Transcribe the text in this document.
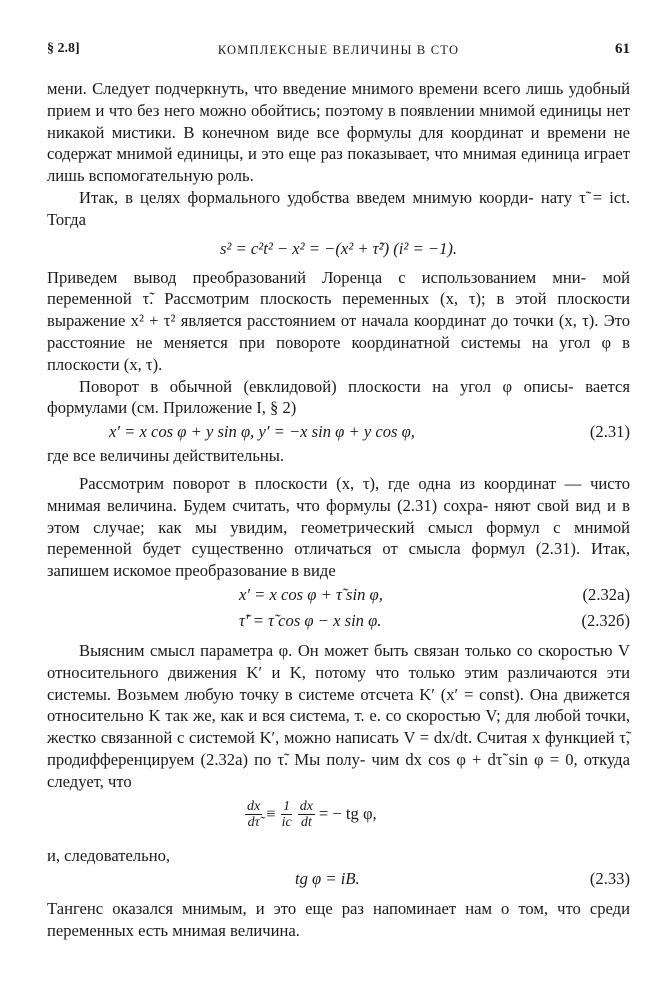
§ 2.8]	КОМПЛЕКСНЫЕ ВЕЛИЧИНЫ В СТО	61

мени. Следует подчеркнуть, что введение мнимого времени всего лишь удобный прием и что без него можно обойтись; поэтому в появлении мнимой единицы нет никакой мистики. В конечном виде все формулы для координат и времени не содержат мнимой единицы, и это еще раз показывает, что мнимая единица играет лишь вспомогательную роль.

Итак, в целях формального удобства введем мнимую коорди- нату τ̃ = ict. Тогда

s² = c²t² − x² = −(x² + τ̃²) (i² = −1).

Приведем вывод преобразований Лоренца с использованием мни- мой переменной τ̃. Рассмотрим плоскость переменных (x, τ); в этой плоскости выражение x² + τ² является расстоянием от начала координат до точки (x, τ). Это расстояние не меняется при повороте координатной системы на угол φ в плоскости (x, τ).

Поворот в обычной (евклидовой) плоскости на угол φ описы- вается формулами (см. Приложение I, § 2)

x′ = x cos φ + y sin φ, y′ = −x sin φ + y cos φ,	(2.31)

где все величины действительны.

Рассмотрим поворот в плоскости (x, τ), где одна из координат — чисто мнимая величина. Будем считать, что формулы (2.31) сохра- няют свой вид и в этом случае; как мы увидим, геометрический смысл формул с мнимой переменной будет существенно отличаться от смысла формул (2.31). Итак, запишем искомое преобразование в виде

x′ = x cos φ + τ̃ sin φ,	(2.32а)
τ̃′ = τ̃ cos φ − x sin φ.	(2.32б)

Выясним смысл параметра φ. Он может быть связан только со скоростью V относительного движения K′ и K, потому что только этим различаются эти системы. Возьмем любую точку в системе отсчета K′ (x′ = const). Она движется относительно K так же, как и вся система, т. е. со скоростью V; для любой точки, жестко связанной с системой K′, можно написать V = dx/dt. Считая x функцией τ̃, продифференцируем (2.32а) по τ̃. Мы полу- чим dx cos φ + dτ̃ sin φ = 0, откуда следует, что

$\frac{dx}{d\taũ} \equiv \frac{1}{ic} \frac{dx}{dt}$ = − tg φ,

и, следовательно,

tg φ = iB.	(2.33)

Тангенс оказался мнимым, и это еще раз напоминает нам о том, что среди переменных есть мнимая величина.
